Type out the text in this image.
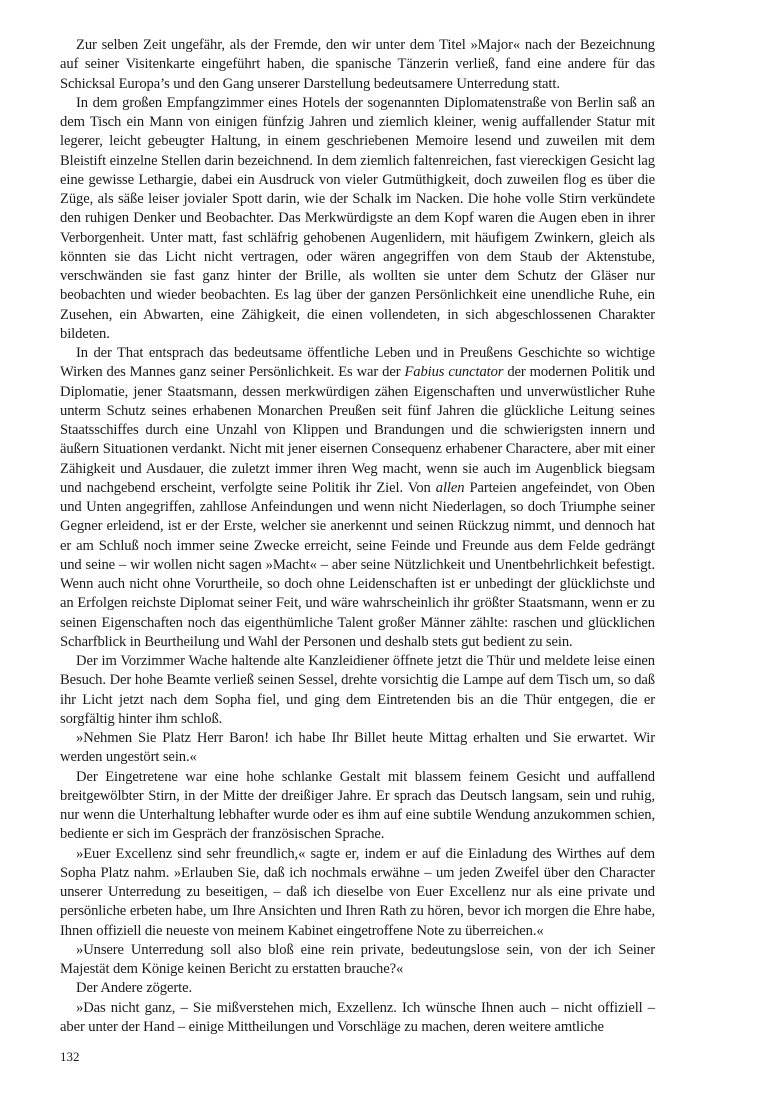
Zur selben Zeit ungefähr, als der Fremde, den wir unter dem Titel »Major« nach der Bezeichnung auf seiner Visitenkarte eingeführt haben, die spanische Tänzerin verließ, fand eine andere für das Schicksal Europa’s und den Gang unserer Darstellung bedeutsamere Unterredung statt.

In dem großen Empfangzimmer eines Hotels der sogenannten Diplomatenstraße von Berlin saß an dem Tisch ein Mann von einigen fünfzig Jahren und ziemlich kleiner, wenig auffallender Statur mit legerer, leicht gebeugter Haltung, in einem geschriebenen Memoire lesend und zuweilen mit dem Bleistift einzelne Stellen darin bezeichnend. In dem ziemlich faltenreichen, fast viereckigen Gesicht lag eine gewisse Lethargie, dabei ein Ausdruck von vieler Gutmüthigkeit, doch zuweilen flog es über die Züge, als säße leiser jovialer Spott darin, wie der Schalk im Nacken. Die hohe volle Stirn verkündete den ruhigen Denker und Beobachter. Das Merkwürdigste an dem Kopf waren die Augen eben in ihrer Verborgenheit. Unter matt, fast schläfrig gehobenen Augenlidern, mit häufigem Zwinkern, gleich als könnten sie das Licht nicht vertragen, oder wären angegriffen von dem Staub der Aktenstube, verschwänden sie fast ganz hinter der Brille, als wollten sie unter dem Schutz der Gläser nur beobachten und wieder beobachten. Es lag über der ganzen Persönlichkeit eine unendliche Ruhe, ein Zusehen, ein Abwarten, eine Zähigkeit, die einen vollendeten, in sich abgeschlossenen Charakter bildeten.

In der That entsprach das bedeutsame öffentliche Leben und in Preußens Geschichte so wichtige Wirken des Mannes ganz seiner Persönlichkeit. Es war der Fabius cunctator der modernen Politik und Diplomatie, jener Staatsmann, dessen merkwürdigen zähen Eigenschaften und unverwüstlicher Ruhe unterm Schutz seines erhabenen Monarchen Preußen seit fünf Jahren die glückliche Leitung seines Staatsschiffes durch eine Unzahl von Klippen und Brandungen und die schwierigsten innern und äußern Situationen verdankt. Nicht mit jener eisernen Consequenz erhabener Charactere, aber mit einer Zähigkeit und Ausdauer, die zuletzt immer ihren Weg macht, wenn sie auch im Augenblick biegsam und nachgebend erscheint, verfolgte seine Politik ihr Ziel. Von allen Parteien angefeindet, von Oben und Unten angegriffen, zahllose Anfeindungen und wenn nicht Niederlagen, so doch Triumphe seiner Gegner erleidend, ist er der Erste, welcher sie anerkennt und seinen Rückzug nimmt, und dennoch hat er am Schluß noch immer seine Zwecke erreicht, seine Feinde und Freunde aus dem Felde gedrängt und seine – wir wollen nicht sagen »Macht« – aber seine Nützlichkeit und Unentbehrlichkeit befestigt. Wenn auch nicht ohne Vorurtheile, so doch ohne Leidenschaften ist er unbedingt der glücklichste und an Erfolgen reichste Diplomat seiner Feit, und wäre wahrscheinlich ihr größter Staatsmann, wenn er zu seinen Eigenschaften noch das eigenthümliche Talent großer Männer zählte: raschen und glücklichen Scharfblick in Beurtheilung und Wahl der Personen und deshalb stets gut bedient zu sein.

Der im Vorzimmer Wache haltende alte Kanzleidiener öffnete jetzt die Thür und meldete leise einen Besuch. Der hohe Beamte verließ seinen Sessel, drehte vorsichtig die Lampe auf dem Tisch um, so daß ihr Licht jetzt nach dem Sopha fiel, und ging dem Eintretenden bis an die Thür entgegen, die er sorgfältig hinter ihm schloß.

»Nehmen Sie Platz Herr Baron! ich habe Ihr Billet heute Mittag erhalten und Sie erwartet. Wir werden ungestört sein.«

Der Eingetretene war eine hohe schlanke Gestalt mit blassem feinem Gesicht und auffallend breitgewölbter Stirn, in der Mitte der dreißiger Jahre. Er sprach das Deutsch langsam, sein und ruhig, nur wenn die Unterhaltung lebhafter wurde oder es ihm auf eine subtile Wendung anzukommen schien, bediente er sich im Gespräch der französischen Sprache.

»Euer Excellenz sind sehr freundlich,« sagte er, indem er auf die Einladung des Wirthes auf dem Sopha Platz nahm. »Erlauben Sie, daß ich nochmals erwähne – um jeden Zweifel über den Character unserer Unterredung zu beseitigen, – daß ich dieselbe von Euer Excellenz nur als eine private und persönliche erbeten habe, um Ihre Ansichten und Ihren Rath zu hören, bevor ich morgen die Ehre habe, Ihnen offiziell die neueste von meinem Kabinet eingetroffene Note zu überreichen.«

»Unsere Unterredung soll also bloß eine rein private, bedeutungslose sein, von der ich Seiner Majestät dem Könige keinen Bericht zu erstatten brauche?«

Der Andere zögerte.

»Das nicht ganz, – Sie mißverstehen mich, Exzellenz. Ich wünsche Ihnen auch – nicht offiziell – aber unter der Hand – einige Mittheilungen und Vorschläge zu machen, deren weitere amtliche

132
